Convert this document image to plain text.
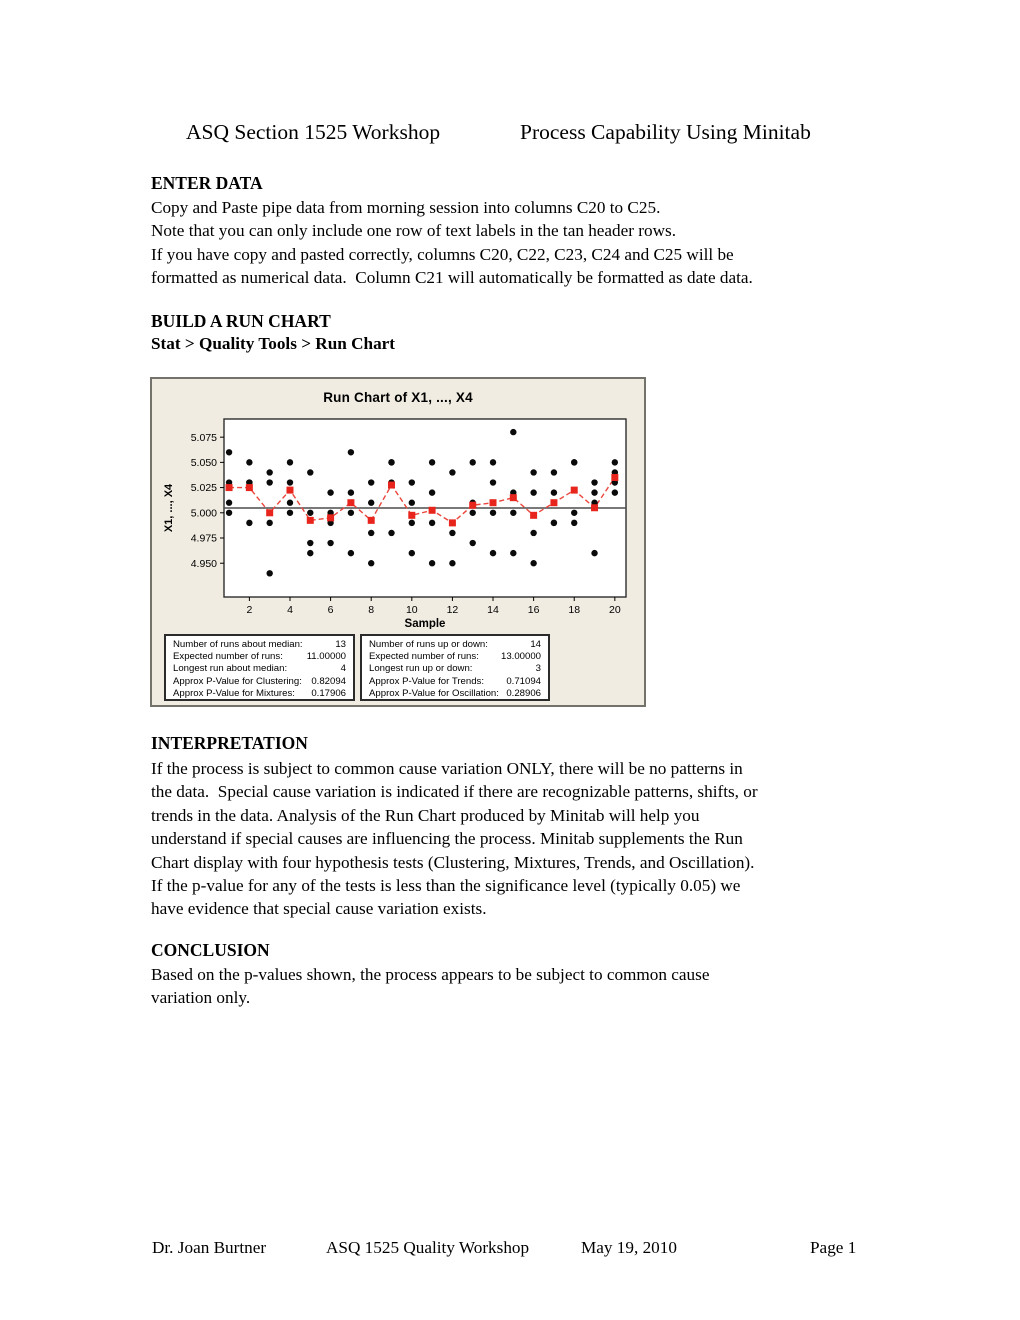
ASQ Section 1525 Workshop	Process Capability Using Minitab
ENTER DATA
Copy and Paste pipe data from morning session into columns C20 to C25.
Note that you can only include one row of text labels in the tan header rows.
If you have copy and pasted correctly, columns C20, C22, C23, C24 and C25 will be
formatted as numerical data.  Column C21 will automatically be formatted as date data.
BUILD A RUN CHART
Stat > Quality Tools > Run Chart
Run Chart of X1, ..., X4
4.950
4.975
5.000
5.025
5.050
5.075
2	4	6	8	10	12	14	16	18	20
X1, ..., X4
Sample
Number of runs about median:	13
Expected number of runs: 11.00000
Longest run about median:	4
Approx P-Value for Clustering: 0.82094
Approx P-Value for Mixtures: 0.17906
Number of runs up or down:	14
Expected number of runs: 13.00000
Longest run up or down:	3
Approx P-Value for Trends: 0.71094
Approx P-Value for Oscillation: 0.28906
INTERPRETATION
If the process is subject to common cause variation ONLY, there will be no patterns in
the data.  Special cause variation is indicated if there are recognizable patterns, shifts, or
trends in the data. Analysis of the Run Chart produced by Minitab will help you
understand if special causes are influencing the process. Minitab supplements the Run
Chart display with four hypothesis tests (Clustering, Mixtures, Trends, and Oscillation).
If the p-value for any of the tests is less than the significance level (typically 0.05) we
have evidence that special cause variation exists.
CONCLUSION
Based on the p-values shown, the process appears to be subject to common cause
variation only.
Dr. Joan Burtner	ASQ 1525 Quality Workshop	May 19, 2010	Page 1
